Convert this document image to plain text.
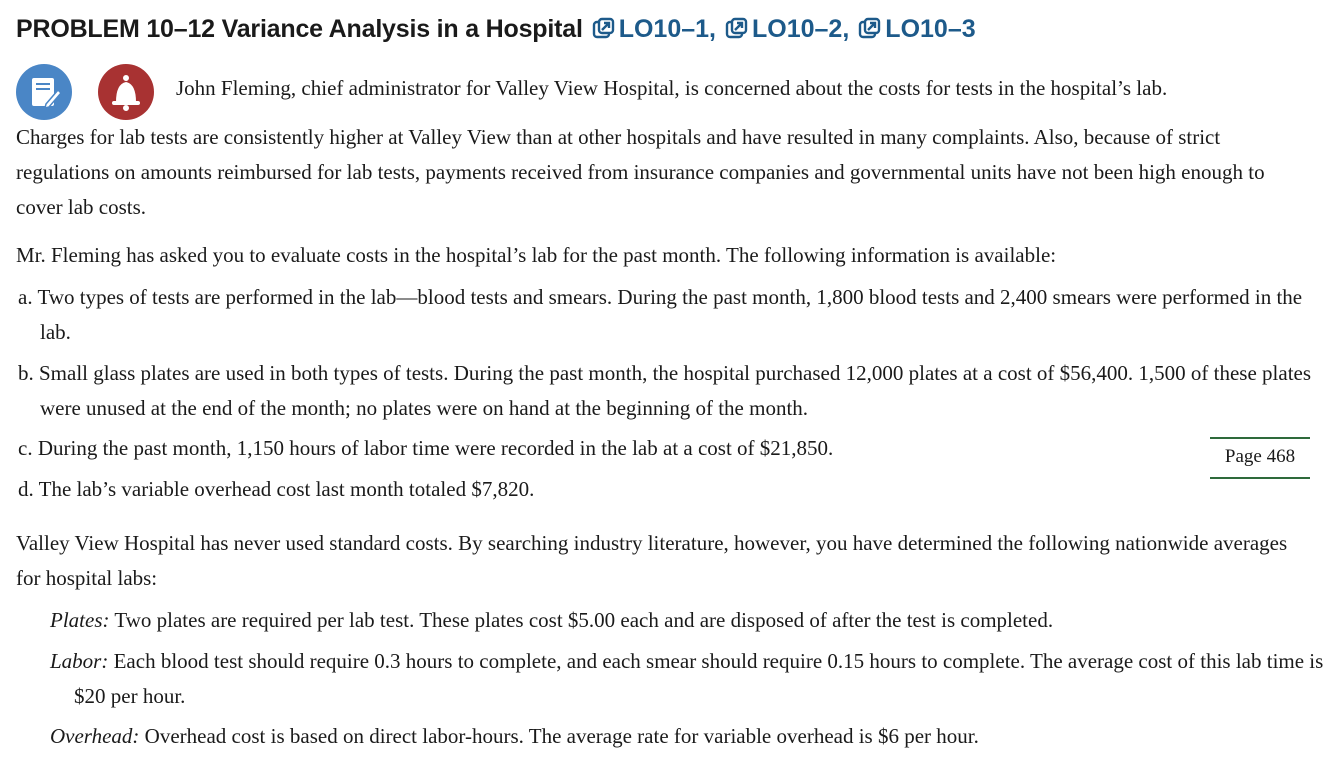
PROBLEM 10–12 Variance Analysis in a Hospital LO10–1 , LO10–2 , LO10–3
John Fleming, chief administrator for Valley View Hospital, is concerned about the costs for tests in the hospital’s lab.
Charges for lab tests are consistently higher at Valley View than at other hospitals and have resulted in many complaints. Also, because of strict regulations on amounts reimbursed for lab tests, payments received from insurance companies and governmental units have not been high enough to cover lab costs.
Mr. Fleming has asked you to evaluate costs in the hospital’s lab for the past month. The following information is available:
a. Two types of tests are performed in the lab—blood tests and smears. During the past month, 1,800 blood tests and 2,400 smears were performed in the lab.
b. Small glass plates are used in both types of tests. During the past month, the hospital purchased 12,000 plates at a cost of $56,400. 1,500 of these plates were unused at the end of the month; no plates were on hand at the beginning of the month.
c. During the past month, 1,150 hours of labor time were recorded in the lab at a cost of $21,850.
d. The lab’s variable overhead cost last month totaled $7,820.
Page 468
Valley View Hospital has never used standard costs. By searching industry literature, however, you have determined the following nationwide averages for hospital labs:
Plates: Two plates are required per lab test. These plates cost $5.00 each and are disposed of after the test is completed.
Labor: Each blood test should require 0.3 hours to complete, and each smear should require 0.15 hours to complete. The average cost of this lab time is $20 per hour.
Overhead: Overhead cost is based on direct labor-hours. The average rate for variable overhead is $6 per hour.
